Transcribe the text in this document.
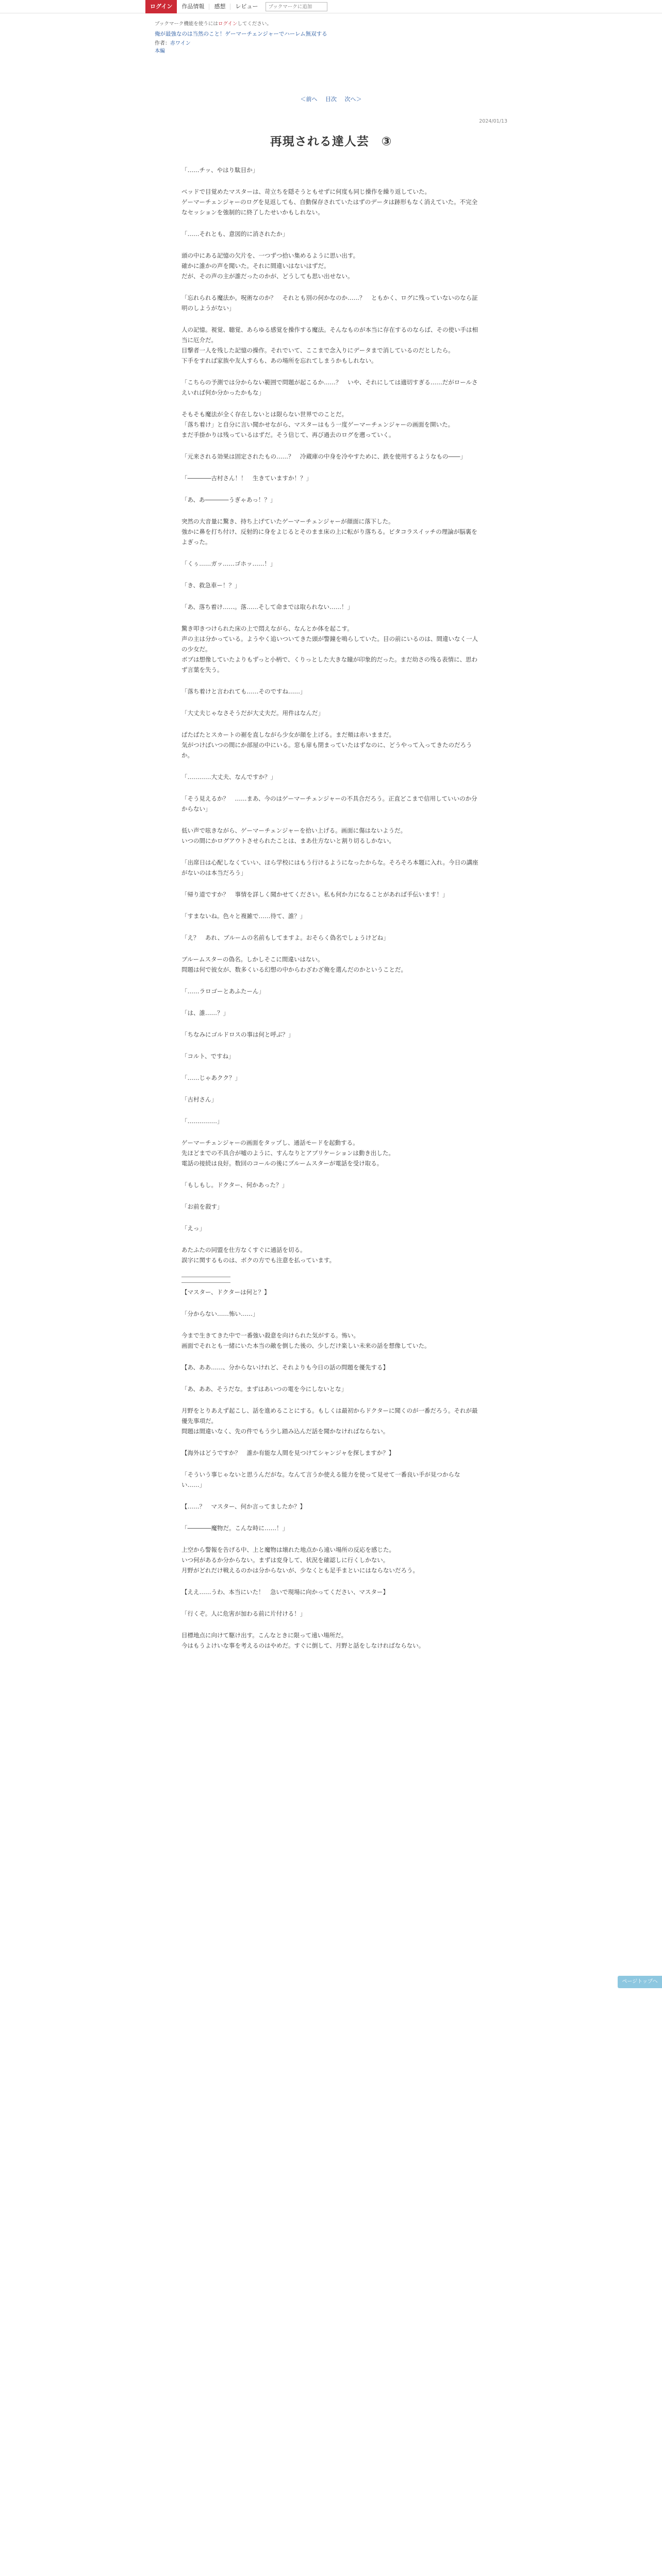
ログイン	作品情報	感想	レビュー
ブックマークに追加
ブックマーク機能を使うにはログインしてください。
俺が最強なのは当然のこと！ゲーマーチェンジャーでハーレム無双する
作者：赤ワイン
本編
＜前へ 目次 次へ＞
2024/01/13
再現される達人芸　③

「……チッ、やはり駄目か」

ベッドで目覚めたマスターは、苛立ちを隠そうともせずに何度も同じ操作を繰り返していた。
ゲーマーチェンジャーのログを見返しても、自動保存されていたはずのデータは跡形もなく消えていた。不完全なセッションを強制的に終了したせいかもしれない。

「……それとも、意図的に消されたか」

頭の中にある記憶の欠片を、一つずつ拾い集めるように思い出す。
確かに誰かの声を聞いた。それに間違いはないはずだ。
だが、その声の主が誰だったのかが、どうしても思い出せない。

「忘れられる魔法か。呪術なのか？　それとも別の何かなのか……？　ともかく、ログに残っていないのなら証明のしようがない」

人の記憶。視覚、聴覚、あらゆる感覚を操作する魔法。そんなものが本当に存在するのならば、その使い手は相当に厄介だ。
目撃者一人を残した記憶の操作。それでいて、ここまで念入りにデータまで消しているのだとしたら。
下手をすれば家族や友人すらも、あの場所を忘れてしまうかもしれない。

「こちらの予測では分からない範囲で問題が起こるか……？　いや、それにしては適切すぎる……だがロールさえいれば何か分かったかもな」

そもそも魔法が全く存在しないとは限らない世界でのことだ。
「落ち着け」と自分に言い聞かせながら、マスターはもう一度ゲーマーチェンジャーの画面を開いた。
まだ手掛かりは残っているはずだ。そう信じて、再び過去のログを遡っていく。

「元来される効果は固定されたもの……？　冷蔵庫の中身を冷やすために、鉄を使用するようなもの――」

「――――古村さん！！　生きていますか！？」

「あ、あ――――うぎゃあっ！？」

突然の大音量に驚き、持ち上げていたゲーマーチェンジャーが顔面に落下した。
強かに鼻を打ち付け、反射的に身をよじるとそのまま床の上に転がり落ちる。ビタコラスイッチの理論が脳裏をよぎった。

「くぅ……ガッ……ゴホッ……！」

「き、救急車ー！？」

「あ、落ち着け……。落……そして命までは取られない……！」

驚き叩きつけられた床の上で悶えながら、なんとか体を起こす。
声の主は分かっている。ようやく追いついてきた頭が警鐘を鳴らしていた。目の前にいるのは、間違いなく一人の少女だ。
ボブは想像していたよりもずっと小柄で、くりっとした大きな瞳が印象的だった。まだ幼さの残る表情に、思わず言葉を失う。

「落ち着けと言われても……そのですね……」

「大丈夫じゃなさそうだが大丈夫だ。用件はなんだ」

ぱたぱたとスカートの裾を直しながら少女が顔を上げる。まだ頬は赤いままだ。
気がつけばいつの間にか部屋の中にいる。窓も扉も閉まっていたはずなのに、どうやって入ってきたのだろうか。

「…………大丈夫、なんですか？」

「そう見えるか？　……まあ、今のはゲーマーチェンジャーの不具合だろう。正直どこまで信用していいのか分からない」

低い声で呟きながら、ゲーマーチェンジャーを拾い上げる。画面に傷はないようだ。
いつの間にかログアウトさせられたことは、まあ仕方ないと割り切るしかない。

「出席日は心配しなくていい、ほら学校にはもう行けるようになったからな。そろそろ本題に入れ。今日の講座がないのは本当だろう」

「帰り道ですか？　事情を詳しく聞かせてください。私も何か力になることがあれば手伝います！」

「すまないね。色々と複雑で……待て、誰？」

「え？　あれ、ブルームの名前もしてますよ。おそらく偽名でしょうけどね」

ブルームスターの偽名。しかしそこに間違いはない。
問題は何で彼女が、数多くいる幻想の中からわざわざ俺を選んだのかということだ。

「……ラロゴーとあふたーん」

「は、誰……？」

「ちなみにゴルドロスの事は何と呼ぶ？」

「コルト、ですね」

「……じゃあクク？」

「古村さん」

「……………」

ゲーマーチェンジャーの画面をタップし、通話モードを起動する。
先ほどまでの不具合が嘘のように、すんなりとアプリケーションは動き出した。
電話の接続は良好。数回のコールの後にブルームスターが電話を受け取る。

「もしもし。ドクター、何かあった？」

「お前を殺す」

「えっ」

あたふたの同盟を仕方なくすぐに通話を切る。
誤字に関するものは、ボクの方でも注意を払っています。

【マスター、ドクターは何と？】

「分からない……怖い……」

今まで生きてきた中で一番強い殺意を向けられた気がする。怖い。
画面でそれとも一緒にいた本当の敵を倒した後の、少しだけ楽しい未来の話を想像していた。

【あ、ああ……、分からないけれど、それよりも今日の話の問題を優先する】

「あ、ああ、そうだな。まずはあいつの電を今にしないとな」

月野をとりあえず起こし、話を進めることにする。もしくは最初からドクターに聞くのが一番だろう。それが最優先事項だ。
問題は間違いなく、先の件でもう少し踏み込んだ話を聞かなければならない。

【海外はどうですか？　誰か有能な人間を見つけてシャンジャを探しますか？】

「そういう事じゃないと思うんだがな。なんて言うか使える能力を使って見せて一番良い手が見つからない……」

【……？　マスター、何か言ってましたか？】

「――――魔物だ。こんな時に……！」

上空から警報を告げる中、上と魔物は壊れた地点から遠い場所の反応を感じた。
いつ何があるか分からない。まずは変身して、状況を確認しに行くしかない。
月野がどれだけ戦えるのかは分からないが、少なくとも足手まといにはならないだろう。

【ええ……うわ、本当にいた！　急いで現場に向かってください、マスター】

「行くぞ。人に危害が加わる前に片付ける！」

目標地点に向けて駆け出す。こんなときに限って遠い場所だ。
今はもうよけいな事を考えるのはやめだ。すぐに倒して、月野と話をしなければならない。

ページトップへ
